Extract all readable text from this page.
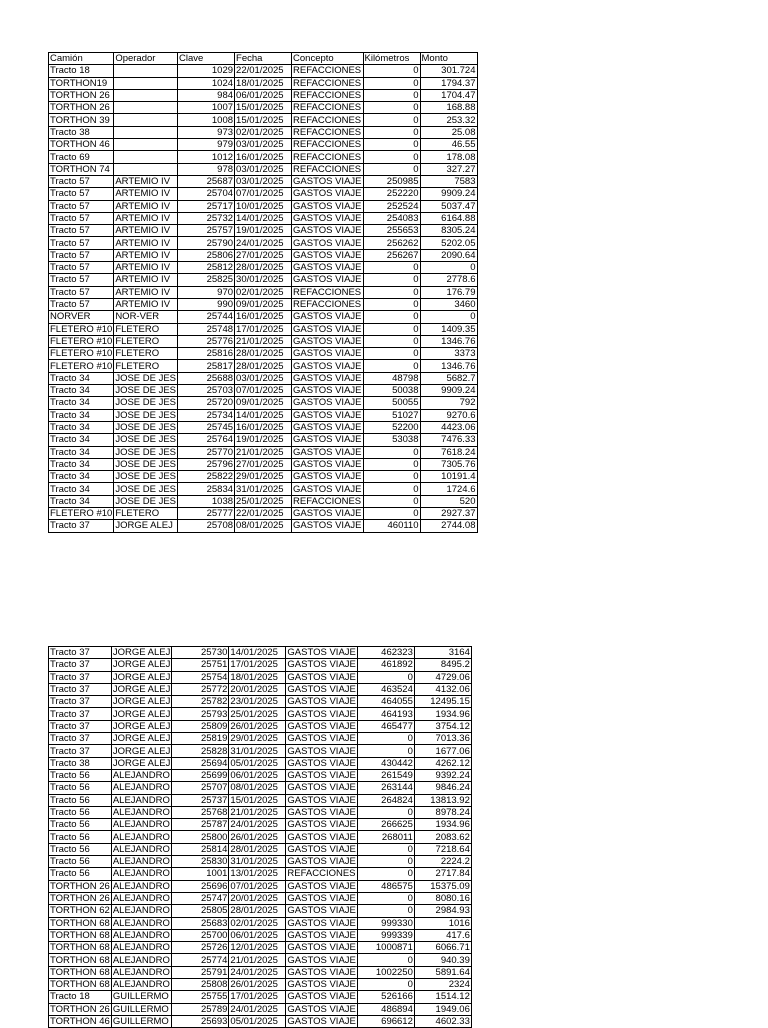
Camión	Operador	Clave	Fecha	Concepto	Kilómetros	Monto
Tracto 18		1029	22/01/2025	REFACCIONES	0	301.724
TORTHON19		1024	18/01/2025	REFACCIONES	0	1794.37
TORTHON 26		984	06/01/2025	REFACCIONES	0	1704.47
TORTHON 26		1007	15/01/2025	REFACCIONES	0	168.88
TORTHON 39		1008	15/01/2025	REFACCIONES	0	253.32
Tracto 38		973	02/01/2025	REFACCIONES	0	25.08
TORTHON 46		979	03/01/2025	REFACCIONES	0	46.55
Tracto 69		1012	16/01/2025	REFACCIONES	0	178.08
TORTHON 74		978	03/01/2025	REFACCIONES	0	327.27
Tracto 57	ARTEMIO IV	25687	03/01/2025	GASTOS VIAJE	250985	7583
Tracto 57	ARTEMIO IV	25704	07/01/2025	GASTOS VIAJE	252220	9909.24
Tracto 57	ARTEMIO IV	25717	10/01/2025	GASTOS VIAJE	252524	5037.47
Tracto 57	ARTEMIO IV	25732	14/01/2025	GASTOS VIAJE	254083	6164.88
Tracto 57	ARTEMIO IV	25757	19/01/2025	GASTOS VIAJE	255653	8305.24
Tracto 57	ARTEMIO IV	25790	24/01/2025	GASTOS VIAJE	256262	5202.05
Tracto 57	ARTEMIO IV	25806	27/01/2025	GASTOS VIAJE	256267	2090.64
Tracto 57	ARTEMIO IV	25812	28/01/2025	GASTOS VIAJE	0	0
Tracto 57	ARTEMIO IV	25825	30/01/2025	GASTOS VIAJE	0	2778.6
Tracto 57	ARTEMIO IV	970	02/01/2025	REFACCIONES	0	176.79
Tracto 57	ARTEMIO IV	990	09/01/2025	REFACCIONES	0	3460
NORVER	NOR-VER	25744	16/01/2025	GASTOS VIAJE	0	0
FLETERO #10	FLETERO	25748	17/01/2025	GASTOS VIAJE	0	1409.35
FLETERO #10	FLETERO	25776	21/01/2025	GASTOS VIAJE	0	1346.76
FLETERO #10	FLETERO	25816	28/01/2025	GASTOS VIAJE	0	3373
FLETERO #10	FLETERO	25817	28/01/2025	GASTOS VIAJE	0	1346.76
Tracto 34	JOSE DE JES	25688	03/01/2025	GASTOS VIAJE	48798	5682.7
Tracto 34	JOSE DE JES	25703	07/01/2025	GASTOS VIAJE	50038	9909.24
Tracto 34	JOSE DE JES	25720	09/01/2025	GASTOS VIAJE	50055	792
Tracto 34	JOSE DE JES	25734	14/01/2025	GASTOS VIAJE	51027	9270.6
Tracto 34	JOSE DE JES	25745	16/01/2025	GASTOS VIAJE	52200	4423.06
Tracto 34	JOSE DE JES	25764	19/01/2025	GASTOS VIAJE	53038	7476.33
Tracto 34	JOSE DE JES	25770	21/01/2025	GASTOS VIAJE	0	7618.24
Tracto 34	JOSE DE JES	25796	27/01/2025	GASTOS VIAJE	0	7305.76
Tracto 34	JOSE DE JES	25822	29/01/2025	GASTOS VIAJE	0	10191.4
Tracto 34	JOSE DE JES	25834	31/01/2025	GASTOS VIAJE	0	1724.6
Tracto 34	JOSE DE JES	1038	25/01/2025	REFACCIONES	0	520
FLETERO #10	FLETERO	25777	22/01/2025	GASTOS VIAJE	0	2927.37
Tracto 37	JORGE ALEJ	25708	08/01/2025	GASTOS VIAJE	460110	2744.08
Tracto 37	JORGE ALEJ	25730	14/01/2025	GASTOS VIAJE	462323	3164
Tracto 37	JORGE ALEJ	25751	17/01/2025	GASTOS VIAJE	461892	8495.2
Tracto 37	JORGE ALEJ	25754	18/01/2025	GASTOS VIAJE	0	4729.06
Tracto 37	JORGE ALEJ	25772	20/01/2025	GASTOS VIAJE	463524	4132.06
Tracto 37	JORGE ALEJ	25782	23/01/2025	GASTOS VIAJE	464055	12495.15
Tracto 37	JORGE ALEJ	25793	25/01/2025	GASTOS VIAJE	464193	1934.96
Tracto 37	JORGE ALEJ	25809	26/01/2025	GASTOS VIAJE	465477	3754.12
Tracto 37	JORGE ALEJ	25819	29/01/2025	GASTOS VIAJE	0	7013.36
Tracto 37	JORGE ALEJ	25828	31/01/2025	GASTOS VIAJE	0	1677.06
Tracto 38	JORGE ALEJ	25694	05/01/2025	GASTOS VIAJE	430442	4262.12
Tracto 56	ALEJANDRO	25699	06/01/2025	GASTOS VIAJE	261549	9392.24
Tracto 56	ALEJANDRO	25707	08/01/2025	GASTOS VIAJE	263144	9846.24
Tracto 56	ALEJANDRO	25737	15/01/2025	GASTOS VIAJE	264824	13813.92
Tracto 56	ALEJANDRO	25768	21/01/2025	GASTOS VIAJE	0	8978.24
Tracto 56	ALEJANDRO	25787	24/01/2025	GASTOS VIAJE	266625	1934.96
Tracto 56	ALEJANDRO	25800	26/01/2025	GASTOS VIAJE	268011	2083.62
Tracto 56	ALEJANDRO	25814	28/01/2025	GASTOS VIAJE	0	7218.64
Tracto 56	ALEJANDRO	25830	31/01/2025	GASTOS VIAJE	0	2224.2
Tracto 56	ALEJANDRO	1001	13/01/2025	REFACCIONES	0	2717.84
TORTHON 26	ALEJANDRO	25696	07/01/2025	GASTOS VIAJE	486575	15375.09
TORTHON 26	ALEJANDRO	25747	20/01/2025	GASTOS VIAJE	0	8080.16
TORTHON 62	ALEJANDRO	25805	28/01/2025	GASTOS VIAJE	0	2984.93
TORTHON 68	ALEJANDRO	25683	02/01/2025	GASTOS VIAJE	999330	1016
TORTHON 68	ALEJANDRO	25700	06/01/2025	GASTOS VIAJE	999339	417.6
TORTHON 68	ALEJANDRO	25726	12/01/2025	GASTOS VIAJE	1000871	6066.71
TORTHON 68	ALEJANDRO	25774	21/01/2025	GASTOS VIAJE	0	940.39
TORTHON 68	ALEJANDRO	25791	24/01/2025	GASTOS VIAJE	1002250	5891.64
TORTHON 68	ALEJANDRO	25808	26/01/2025	GASTOS VIAJE	0	2324
Tracto 18	GUILLERMO	25755	17/01/2025	GASTOS VIAJE	526166	1514.12
TORTHON 26	GUILLERMO	25789	24/01/2025	GASTOS VIAJE	486894	1949.06
TORTHON 46	GUILLERMO	25693	05/01/2025	GASTOS VIAJE	696612	4602.33
